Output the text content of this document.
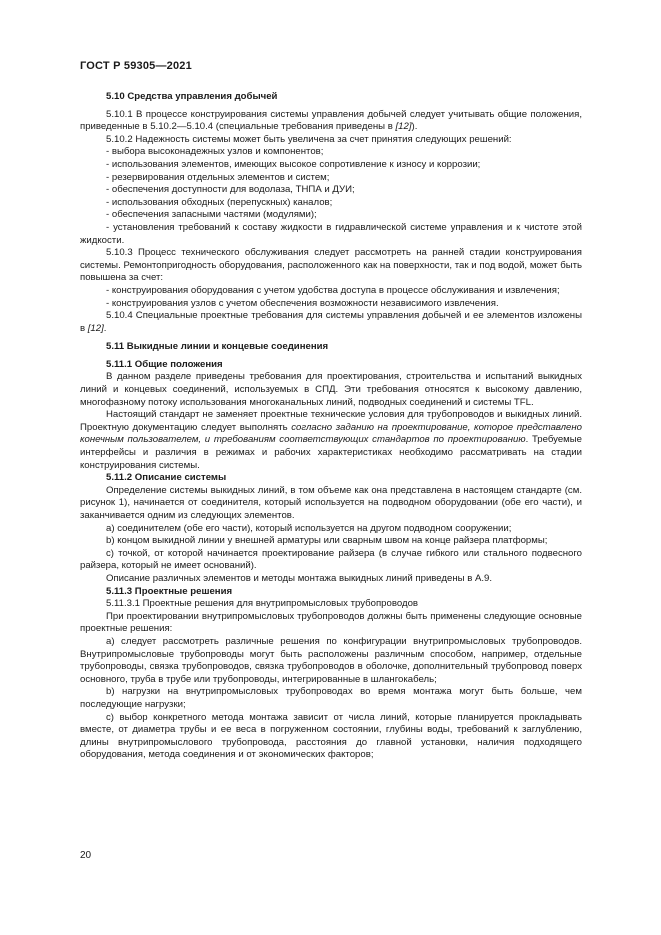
ГОСТ Р 59305—2021

5.10 Средства управления добычей

5.10.1 В процессе конструирования системы управления добычей следует учитывать общие положения, приведенные в 5.10.2—5.10.4 (специальные требования приведены в [12]).

5.10.2 Надежность системы может быть увеличена за счет принятия следующих решений:

- выбора высоконадежных узлов и компонентов;

- использования элементов, имеющих высокое сопротивление к износу и коррозии;

- резервирования отдельных элементов и систем;

- обеспечения доступности для водолаза, ТНПА и ДУИ;

- использования обходных (перепускных) каналов;

- обеспечения запасными частями (модулями);

- установления требований к составу жидкости в гидравлической системе управления и к чистоте этой жидкости.

5.10.3 Процесс технического обслуживания следует рассмотреть на ранней стадии конструирования системы. Ремонтопригодность оборудования, расположенного как на поверхности, так и под водой, может быть повышена за счет:

- конструирования оборудования с учетом удобства доступа в процессе обслуживания и извлечения;

- конструирования узлов с учетом обеспечения возможности независимого извлечения.

5.10.4 Специальные проектные требования для системы управления добычей и ее элементов изложены в [12].

5.11 Выкидные линии и концевые соединения

5.11.1 Общие положения

В данном разделе приведены требования для проектирования, строительства и испытаний выкидных линий и концевых соединений, используемых в СПД. Эти требования относятся к высокому давлению, многофазному потоку использования многоканальных линий, подводных соединений и системы TFL.

Настоящий стандарт не заменяет проектные технические условия для трубопроводов и выкидных линий. Проектную документацию следует выполнять согласно заданию на проектирование, которое представлено конечным пользователем, и требованиям соответствующих стандартов по проектированию. Требуемые интерфейсы и различия в режимах и рабочих характеристиках необходимо рассматривать на стадии конструирования системы.

5.11.2 Описание системы

Определение системы выкидных линий, в том объеме как она представлена в настоящем стандарте (см. рисунок 1), начинается от соединителя, который используется на подводном оборудовании (обе его части), и заканчивается одним из следующих элементов.

а) соединителем (обе его части), который используется на другом подводном сооружении;

b) концом выкидной линии у внешней арматуры или сварным швом на конце райзера платформы;

c) точкой, от которой начинается проектирование райзера (в случае гибкого или стального подвесного райзера, который не имеет оснований).

Описание различных элементов и методы монтажа выкидных линий приведены в А.9.

5.11.3 Проектные решения

5.11.3.1 Проектные решения для внутрипромысловых трубопроводов

При проектировании внутрипромысловых трубопроводов должны быть применены следующие основные проектные решения:

а) следует рассмотреть различные решения по конфигурации внутрипромысловых трубопроводов. Внутрипромысловые трубопроводы могут быть расположены различным способом, например, отдельные трубопроводы, связка трубопроводов, связка трубопроводов в оболочке, дополнительный трубопровод поверх основного, труба в трубе или трубопроводы, интегрированные в шлангокабель;

b) нагрузки на внутрипромысловых трубопроводах во время монтажа могут быть больше, чем последующие нагрузки;

c) выбор конкретного метода монтажа зависит от числа линий, которые планируется прокладывать вместе, от диаметра трубы и ее веса в погруженном состоянии, глубины воды, требований к заглублению, длины внутрипромыслового трубопровода, расстояния до главной установки, наличия подходящего оборудования, метода соединения и от экономических факторов;

20
